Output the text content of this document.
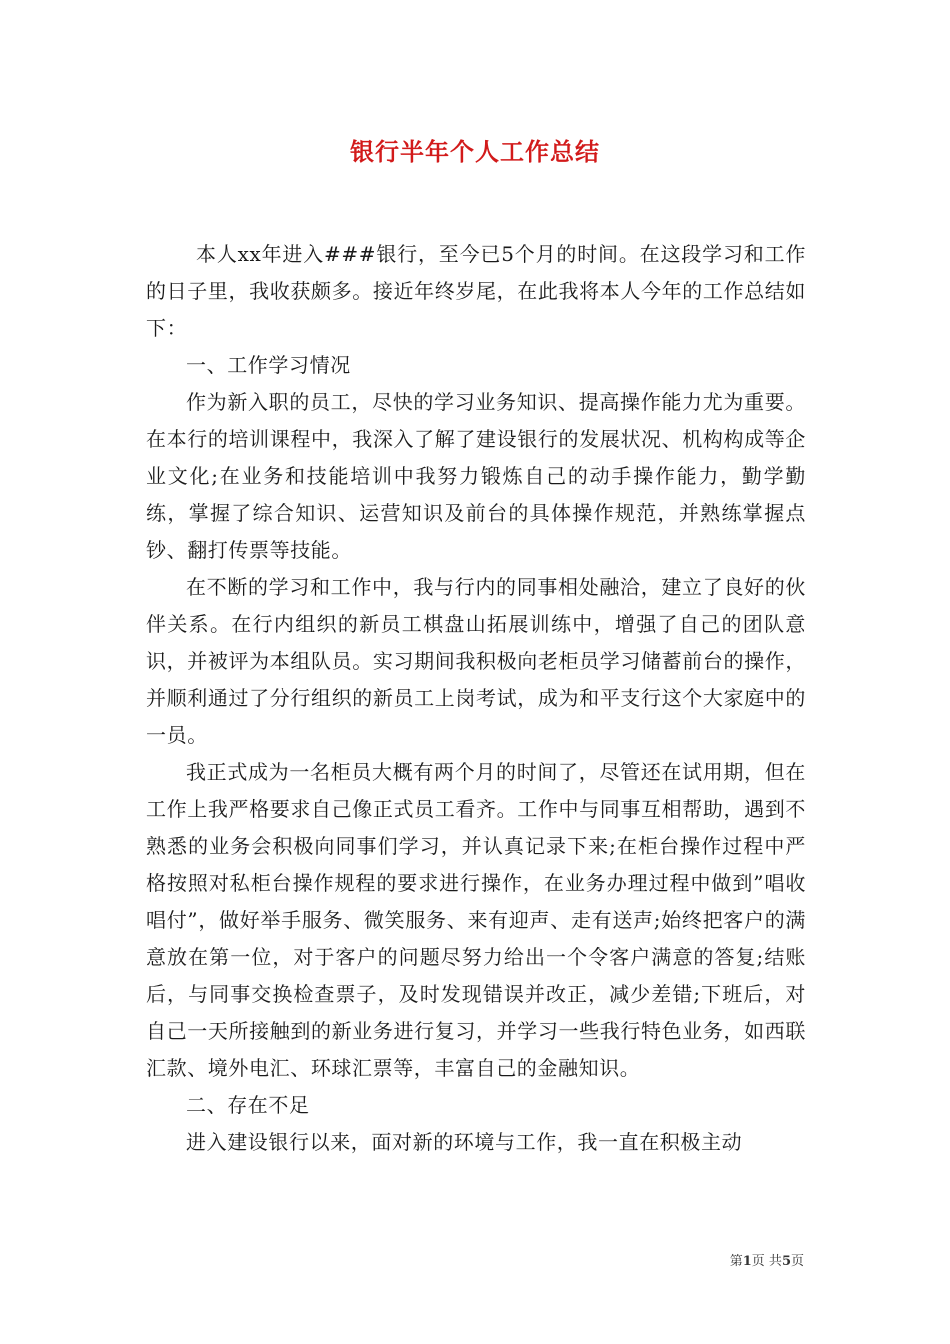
银行半年个人工作总结

本人xx年进入###银行，至今已5个月的时间。在这段学习和工作的日子里，我收获颇多。接近年终岁尾，在此我将本人今年的工作总结如下：

一、工作学习情况

作为新入职的员工，尽快的学习业务知识、提高操作能力尤为重要。在本行的培训课程中，我深入了解了建设银行的发展状况、机构构成等企业文化;在业务和技能培训中我努力锻炼自己的动手操作能力，勤学勤练，掌握了综合知识、运营知识及前台的具体操作规范，并熟练掌握点钞、翻打传票等技能。

在不断的学习和工作中，我与行内的同事相处融洽，建立了良好的伙伴关系。在行内组织的新员工棋盘山拓展训练中，增强了自己的团队意识，并被评为本组队员。实习期间我积极向老柜员学习储蓄前台的操作，并顺利通过了分行组织的新员工上岗考试，成为和平支行这个大家庭中的一员。

我正式成为一名柜员大概有两个月的时间了，尽管还在试用期，但在工作上我严格要求自己像正式员工看齐。工作中与同事互相帮助，遇到不熟悉的业务会积极向同事们学习，并认真记录下来;在柜台操作过程中严格按照对私柜台操作规程的要求进行操作，在业务办理过程中做到”唱收唱付”，做好举手服务、微笑服务、来有迎声、走有送声;始终把客户的满意放在第一位，对于客户的问题尽努力给出一个令客户满意的答复;结账后，与同事交换检查票子，及时发现错误并改正，减少差错;下班后，对自己一天所接触到的新业务进行复习，并学习一些我行特色业务，如西联汇款、境外电汇、环球汇票等，丰富自己的金融知识。

二、存在不足

进入建设银行以来，面对新的环境与工作，我一直在积极主动

第1页 共5页
